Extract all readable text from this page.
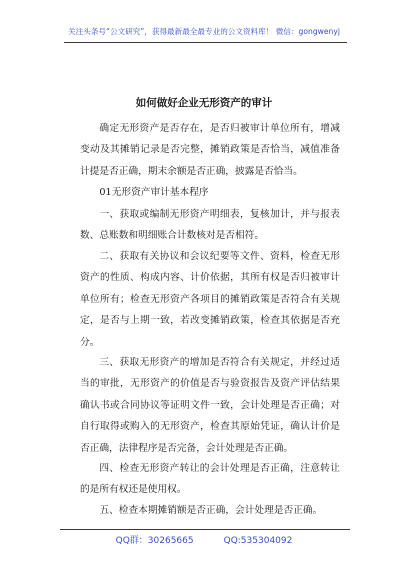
关注头条号“公文研究”，获得最新最全最专业的公文资料库！ 微信：gongwenyj
如何做好企业无形资产的审计

确定无形资产是否存在，是否归被审计单位所有，增减变动及其摊销记录是否完整，摊销政策是否恰当，减值准备计提是否正确，期末余额是否正确，披露是否恰当。

01无形资产审计基本程序

一、获取或编制无形资产明细表，复核加计，并与报表数、总账数和明细账合计数核对是否相符。

二、获取有关协议和会议纪要等文件、资料，检查无形资产的性质、构成内容、计价依据，其所有权是否归被审计单位所有；检查无形资产各项目的摊销政策是否符合有关规定，是否与上期一致，若改变摊销政策，检查其依据是否充分。

三、获取无形资产的增加是否符合有关规定，并经过适当的审批，无形资产的价值是否与验资报告及资产评估结果确认书或合同协议等证明文件一致，会计处理是否正确；对自行取得或购入的无形资产，检查其原始凭证，确认计价是否正确，法律程序是否完备，会计处理是否正确。

四、检查无形资产转让的会计处理是否正确，注意转让的是所有权还是使用权。

五、检查本期摊销额是否正确，会计处理是否正确。

QQ群：30265665	QQ:535304092
